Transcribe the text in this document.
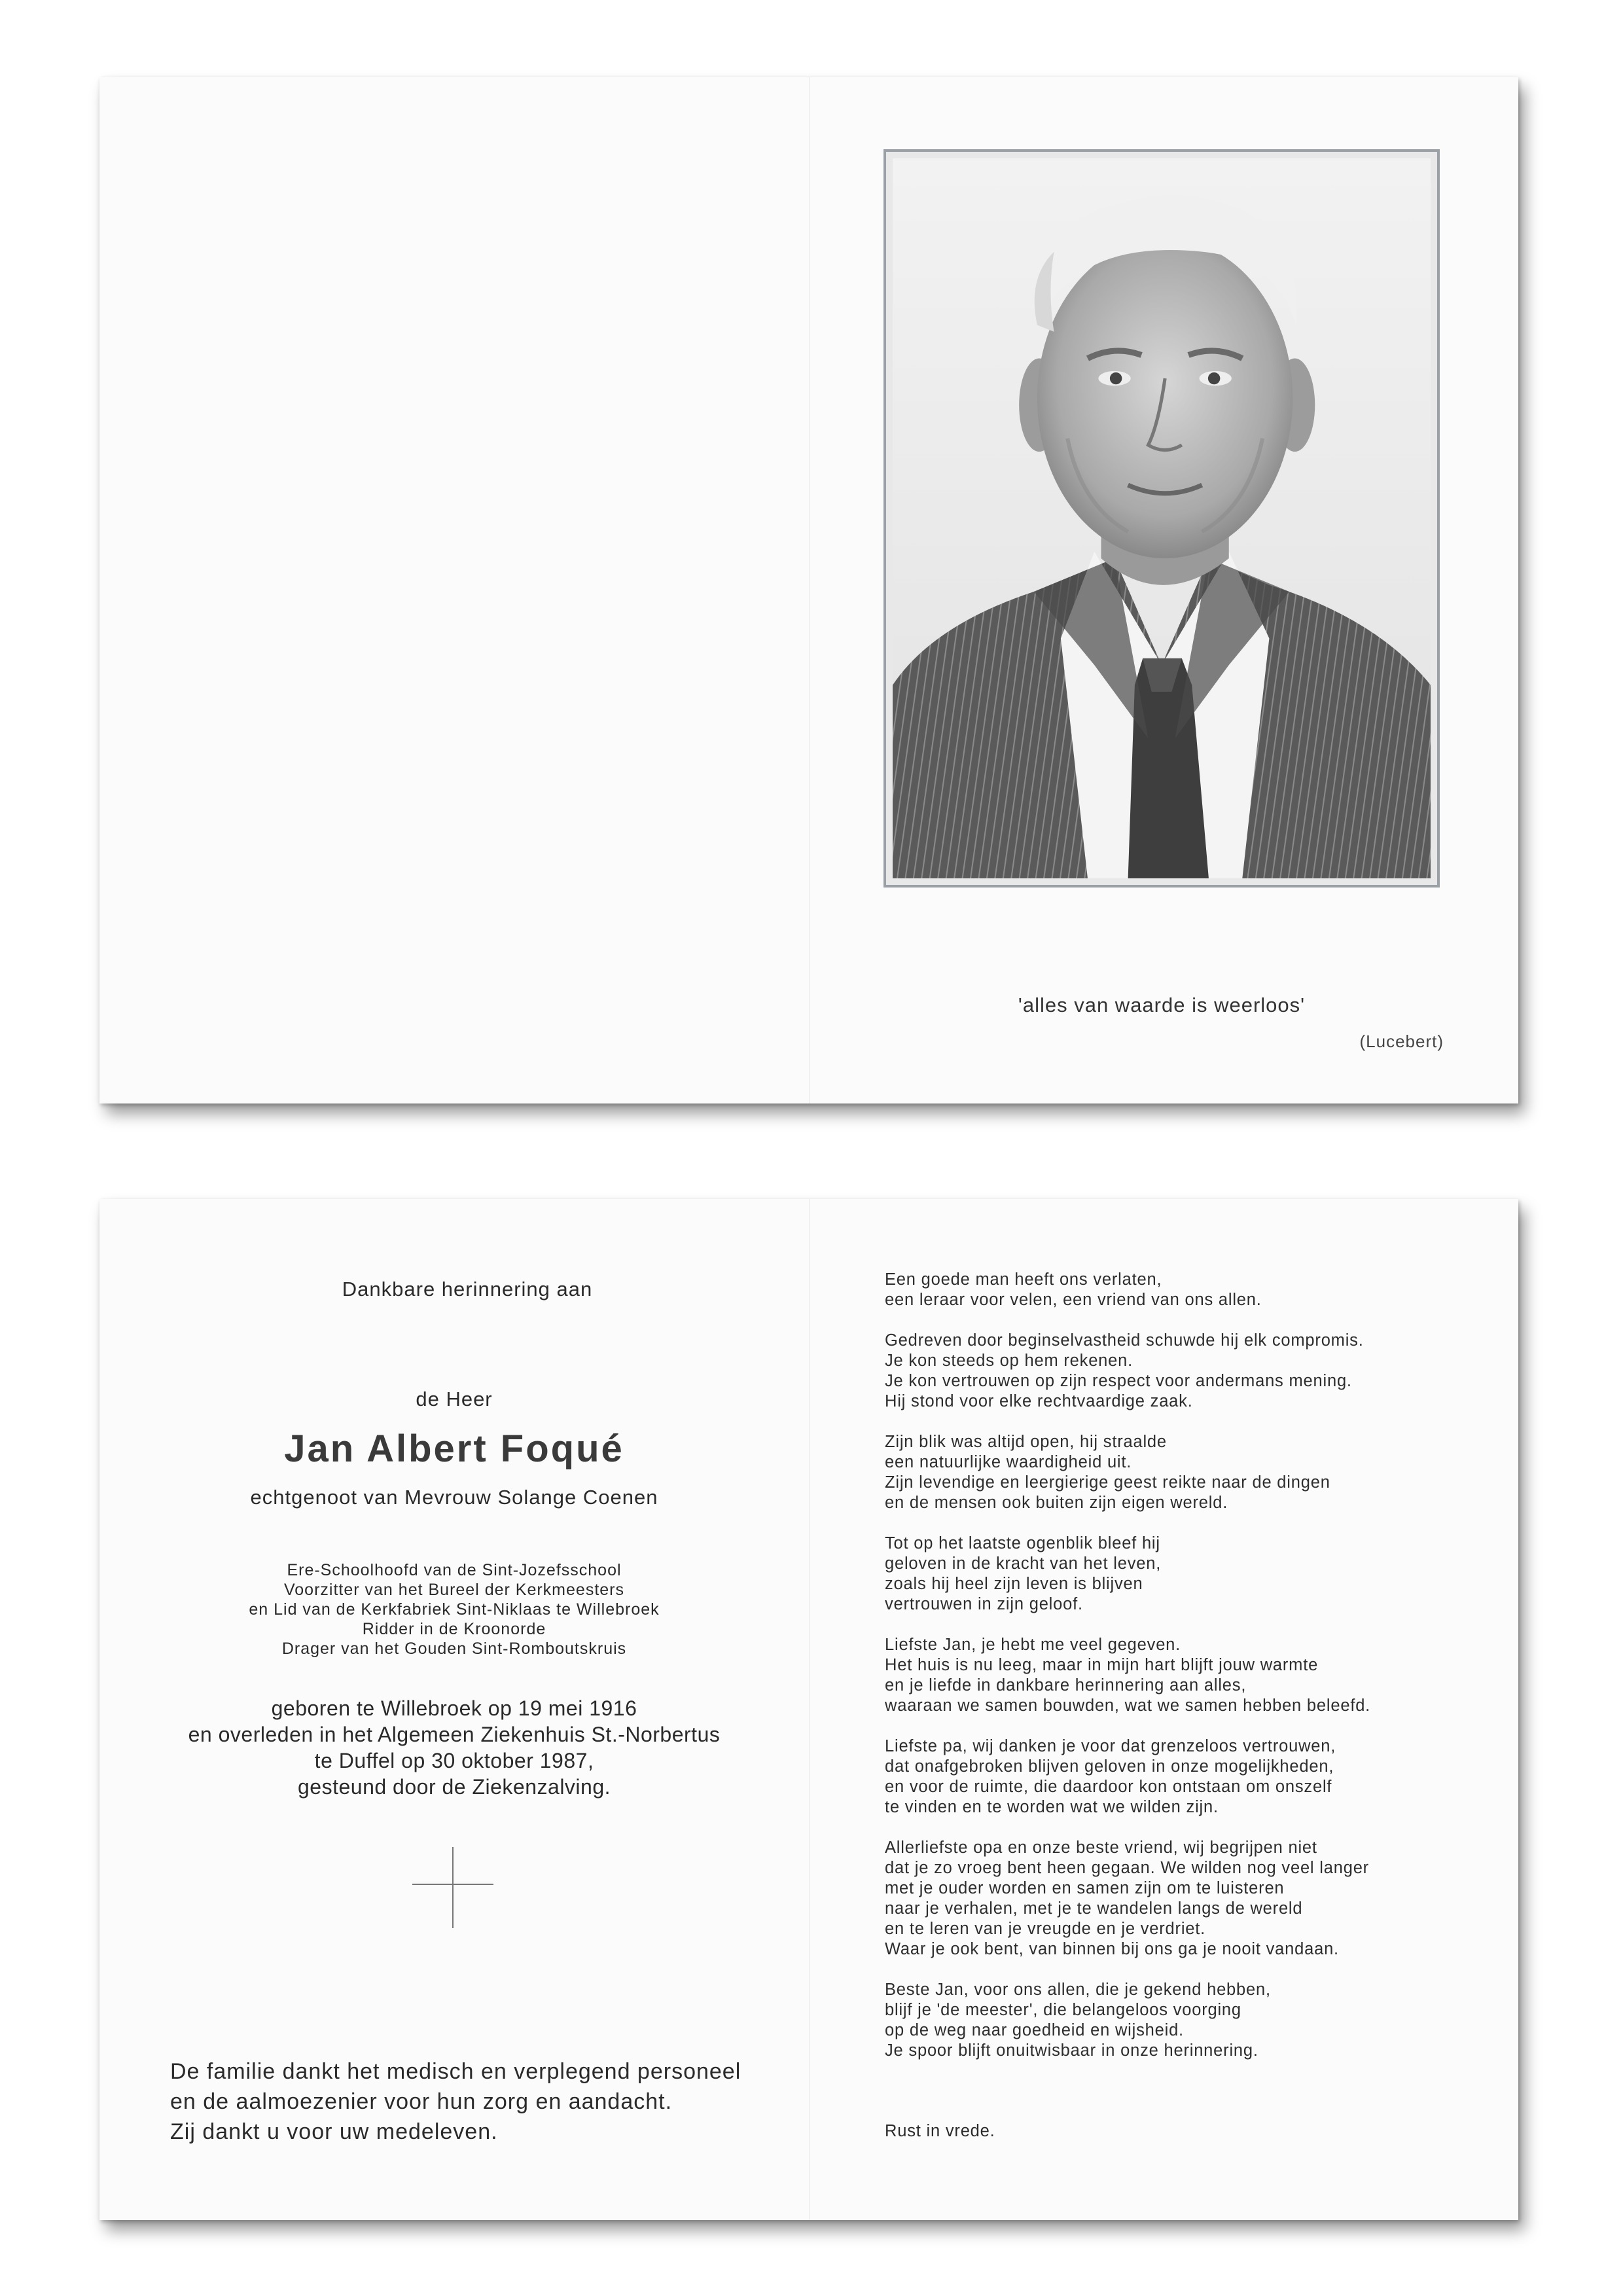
'alles van waarde is weerloos'
(Lucebert)
Dankbare herinnering aan
de Heer
Jan Albert Foqué
echtgenoot van Mevrouw Solange Coenen
Ere-Schoolhoofd van de Sint-Jozefsschool
Voorzitter van het Bureel der Kerkmeesters
en Lid van de Kerkfabriek Sint-Niklaas te Willebroek
Ridder in de Kroonorde
Drager van het Gouden Sint-Romboutskruis
geboren te Willebroek op 19 mei 1916
en overleden in het Algemeen Ziekenhuis St.-Norbertus
te Duffel op 30 oktober 1987,
gesteund door de Ziekenzalving.
De familie dankt het medisch en verplegend personeel
en de aalmoezenier voor hun zorg en aandacht.
Zij dankt u voor uw medeleven.
Een goede man heeft ons verlaten,
een leraar voor velen, een vriend van ons allen.
Gedreven door beginselvastheid schuwde hij elk compromis.
Je kon steeds op hem rekenen.
Je kon vertrouwen op zijn respect voor andermans mening.
Hij stond voor elke rechtvaardige zaak.
Zijn blik was altijd open, hij straalde
een natuurlijke waardigheid uit.
Zijn levendige en leergierige geest reikte naar de dingen
en de mensen ook buiten zijn eigen wereld.
Tot op het laatste ogenblik bleef hij
geloven in de kracht van het leven,
zoals hij heel zijn leven is blijven
vertrouwen in zijn geloof.
Liefste Jan, je hebt me veel gegeven.
Het huis is nu leeg, maar in mijn hart blijft jouw warmte
en je liefde in dankbare herinnering aan alles,
waaraan we samen bouwden, wat we samen hebben beleefd.
Liefste pa, wij danken je voor dat grenzeloos vertrouwen,
dat onafgebroken blijven geloven in onze mogelijkheden,
en voor de ruimte, die daardoor kon ontstaan om onszelf
te vinden en te worden wat we wilden zijn.
Allerliefste opa en onze beste vriend, wij begrijpen niet
dat je zo vroeg bent heen gegaan. We wilden nog veel langer
met je ouder worden en samen zijn om te luisteren
naar je verhalen, met je te wandelen langs de wereld
en te leren van je vreugde en je verdriet.
Waar je ook bent, van binnen bij ons ga je nooit vandaan.
Beste Jan, voor ons allen, die je gekend hebben,
blijf je 'de meester', die belangeloos voorging
op de weg naar goedheid en wijsheid.
Je spoor blijft onuitwisbaar in onze herinnering.
Rust in vrede.
